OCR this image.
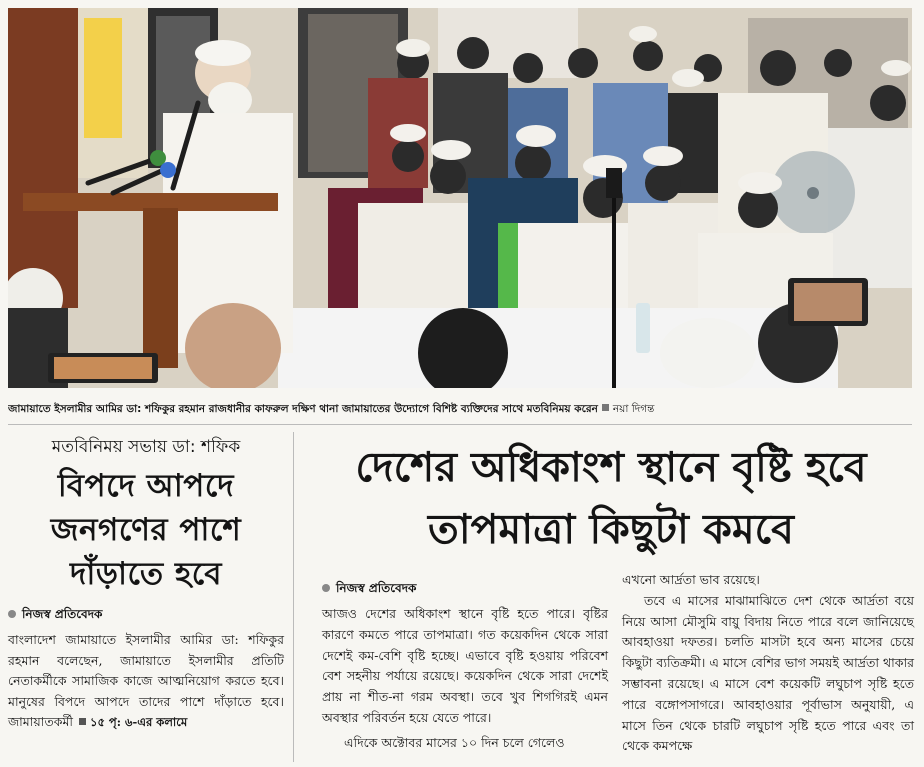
জামায়াতে ইসলামীর আমির ডা: শফিকুর রহমান রাজধানীর কাফরুল দক্ষিণ থানা জামায়াতের উদ্যোগে বিশিষ্ট ব্যক্তিদের সাথে মতবিনিময় করেন নয়া দিগন্ত

মতবিনিময় সভায় ডা: শফিক

বিপদে আপদে
জনগণের পাশে
দাঁড়াতে হবে
নিজস্ব প্রতিবেদক

বাংলাদেশ জামায়াতে ইসলামীর আমির ডা: শফিকুর রহমান বলেছেন, জামায়াতে ইসলামীর প্রতিটি নেতাকর্মীকে সামাজিক কাজে আত্মনিয়োগ করতে হবে। মানুষের বিপদে আপদে তাদের পাশে দাঁড়াতে হবে। জামায়াতকর্মী ১৫ পৃ: ৬-এর কলামে

দেশের অধিকাংশ স্থানে বৃষ্টি হবে
তাপমাত্রা কিছুটা কমবে
নিজস্ব প্রতিবেদক

আজও দেশের অধিকাংশ স্থানে বৃষ্টি হতে পারে। বৃষ্টির কারণে কমতে পারে তাপমাত্রা। গত কয়েকদিন থেকে সারা দেশেই কম-বেশি বৃষ্টি হচ্ছে। এভাবে বৃষ্টি হওয়ায় পরিবেশ বেশ সহনীয় পর্যায়ে রয়েছে। কয়েকদিন থেকে সারা দেশেই প্রায় না শীত-না গরম অবস্থা। তবে খুব শিগগিরই এমন অবস্থার পরিবর্তন হয়ে যেতে পারে।

এদিকে অক্টোবর মাসের ১০ দিন চলে গেলেও

এখনো আর্দ্রতা ভাব রয়েছে।

তবে এ মাসের মাঝামাঝিতে দেশ থেকে আর্দ্রতা বয়ে নিয়ে আসা মৌসুমি বায়ু বিদায় নিতে পারে বলে জানিয়েছে আবহাওয়া দফতর। চলতি মাসটা হবে অন্য মাসের চেয়ে কিছুটা ব্যতিক্রমী। এ মাসে বেশির ভাগ সময়ই আর্দ্রতা থাকার সম্ভাবনা রয়েছে। এ মাসে বেশ কয়েকটি লঘুচাপ সৃষ্টি হতে পারে বঙ্গোপসাগরে। আবহাওয়ার পূর্বাভাস অনুযায়ী, এ মাসে তিন থেকে চারটি লঘুচাপ সৃষ্টি হতে পারে এবং তা থেকে কমপক্ষে
